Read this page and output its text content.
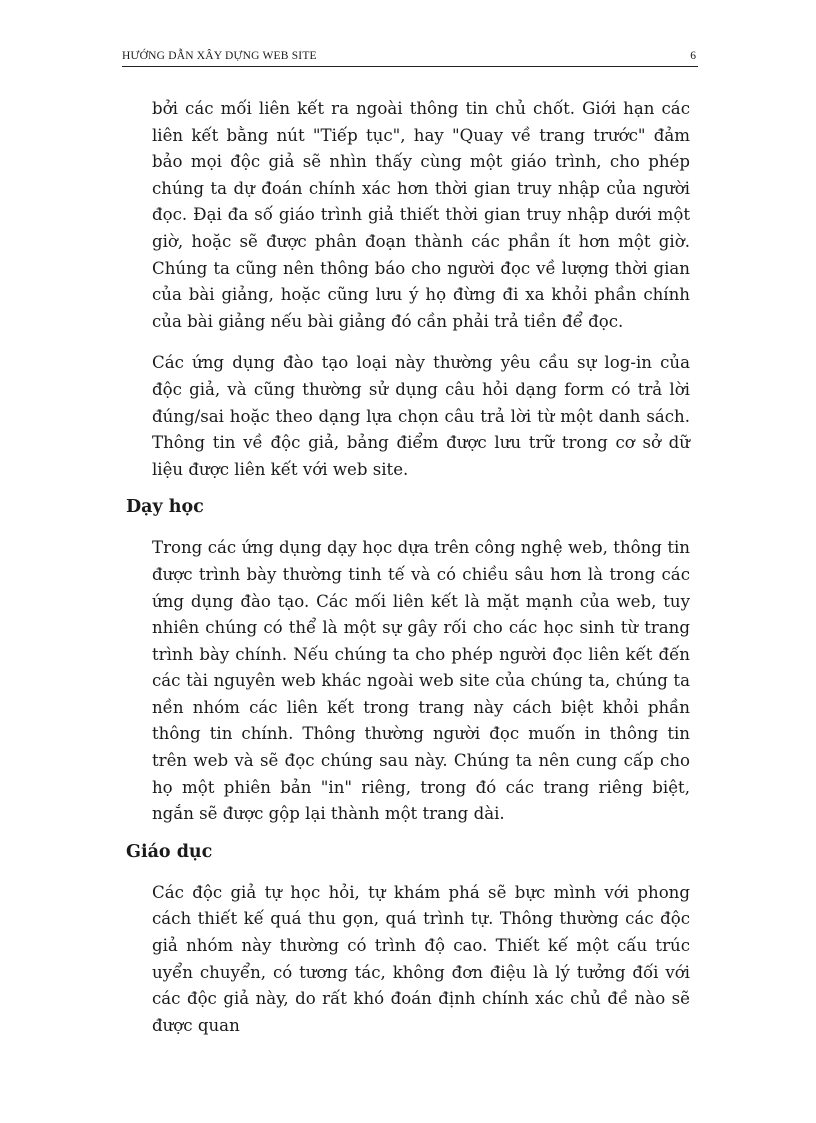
HƯỚNG DẪN XÂY DỰNG WEB SITE	6

bởi các mối liên kết ra ngoài thông tin chủ chốt. Giới hạn các liên kết bằng nút "Tiếp tục", hay "Quay về trang trước" đảm bảo mọi độc giả sẽ nhìn thấy cùng một giáo trình, cho phép chúng ta dự đoán chính xác hơn thời gian truy nhập của người đọc. Đại đa số giáo trình giả thiết thời gian truy nhập dưới một giờ, hoặc sẽ được phân đoạn thành các phần ít hơn một giờ. Chúng ta cũng nên thông báo cho người đọc về lượng thời gian của bài giảng, hoặc cũng lưu ý họ đừng đi xa khỏi phần chính của bài giảng nếu bài giảng đó cần phải trả tiền để đọc.

Các ứng dụng đào tạo loại này thường yêu cầu sự log-in của độc giả, và cũng thường sử dụng câu hỏi dạng form có trả lời đúng/sai hoặc theo dạng lựa chọn câu trả lời từ một danh sách. Thông tin về độc giả, bảng điểm được lưu trữ trong cơ sở dữ liệu được liên kết với web site.

Dạy học

Trong các ứng dụng dạy học dựa trên công nghệ web, thông tin được trình bày thường tinh tế và có chiều sâu hơn là trong các ứng dụng đào tạo. Các mối liên kết là mặt mạnh của web, tuy nhiên chúng có thể là một sự gây rối cho các học sinh từ trang trình bày chính. Nếu chúng ta cho phép người đọc liên kết đến các tài nguyên web khác ngoài web site của chúng ta, chúng ta nền nhóm các liên kết trong trang này cách biệt khỏi phần thông tin chính. Thông thường người đọc muốn in thông tin trên web và sẽ đọc chúng sau này. Chúng ta nên cung cấp cho họ một phiên bản "in" riêng, trong đó các trang riêng biệt, ngắn sẽ được gộp lại thành một trang dài.

Giáo dục

Các độc giả tự học hỏi, tự khám phá sẽ bực mình với phong cách thiết kế quá thu gọn, quá trình tự. Thông thường các độc giả nhóm này thường có trình độ cao. Thiết kế một cấu trúc uyển chuyển, có tương tác, không đơn điệu là lý tưởng đối với các độc giả này, do rất khó đoán định chính xác chủ đề nào sẽ được quan
